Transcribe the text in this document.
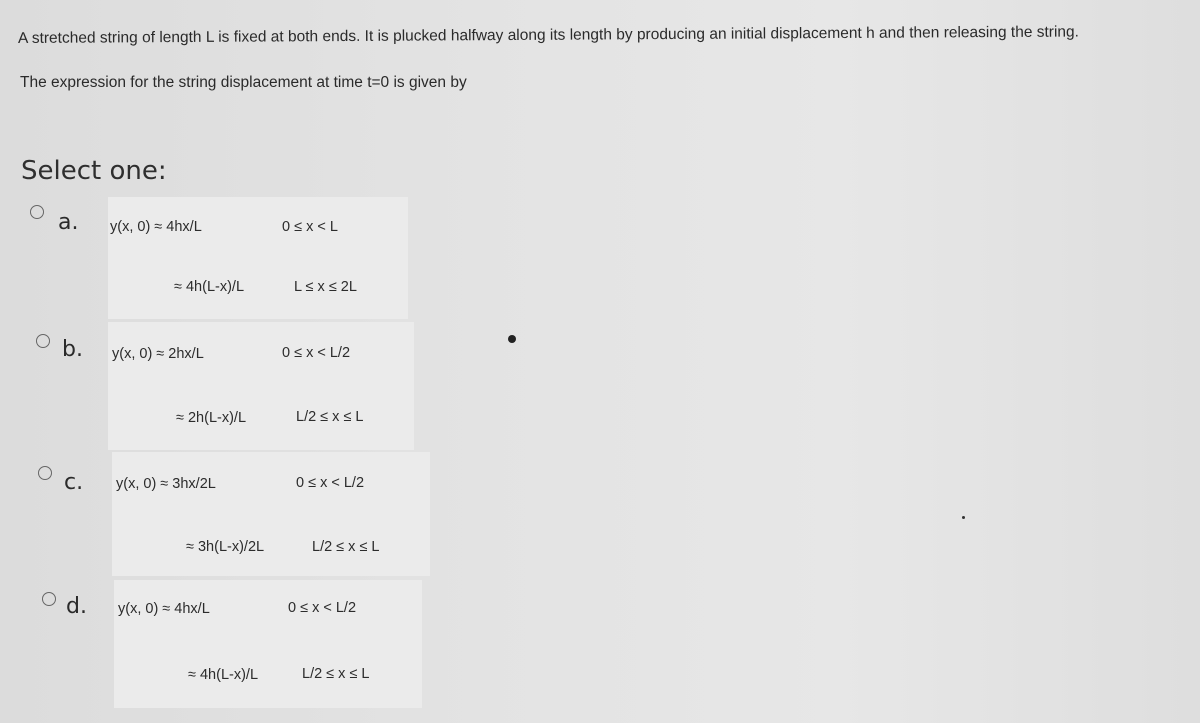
A stretched string of length L is fixed at both ends. It is plucked halfway along its length by producing an initial displacement h and then releasing the string.
The expression for the string displacement at time t=0 is given by
Select one:
a. y(x, 0) ≈ 4hx/L	0 ≤ x < L
≈ 4h(L-x)/L	L ≤ x ≤ 2L
b. y(x, 0) ≈ 2hx/L	0 ≤ x < L/2
≈ 2h(L-x)/L	L/2 ≤ x ≤ L
c. y(x, 0) ≈ 3hx/2L	0 ≤ x < L/2
≈ 3h(L-x)/2L	L/2 ≤ x ≤ L
d. y(x, 0) ≈ 4hx/L	0 ≤ x < L/2
≈ 4h(L-x)/L	L/2 ≤ x ≤ L
